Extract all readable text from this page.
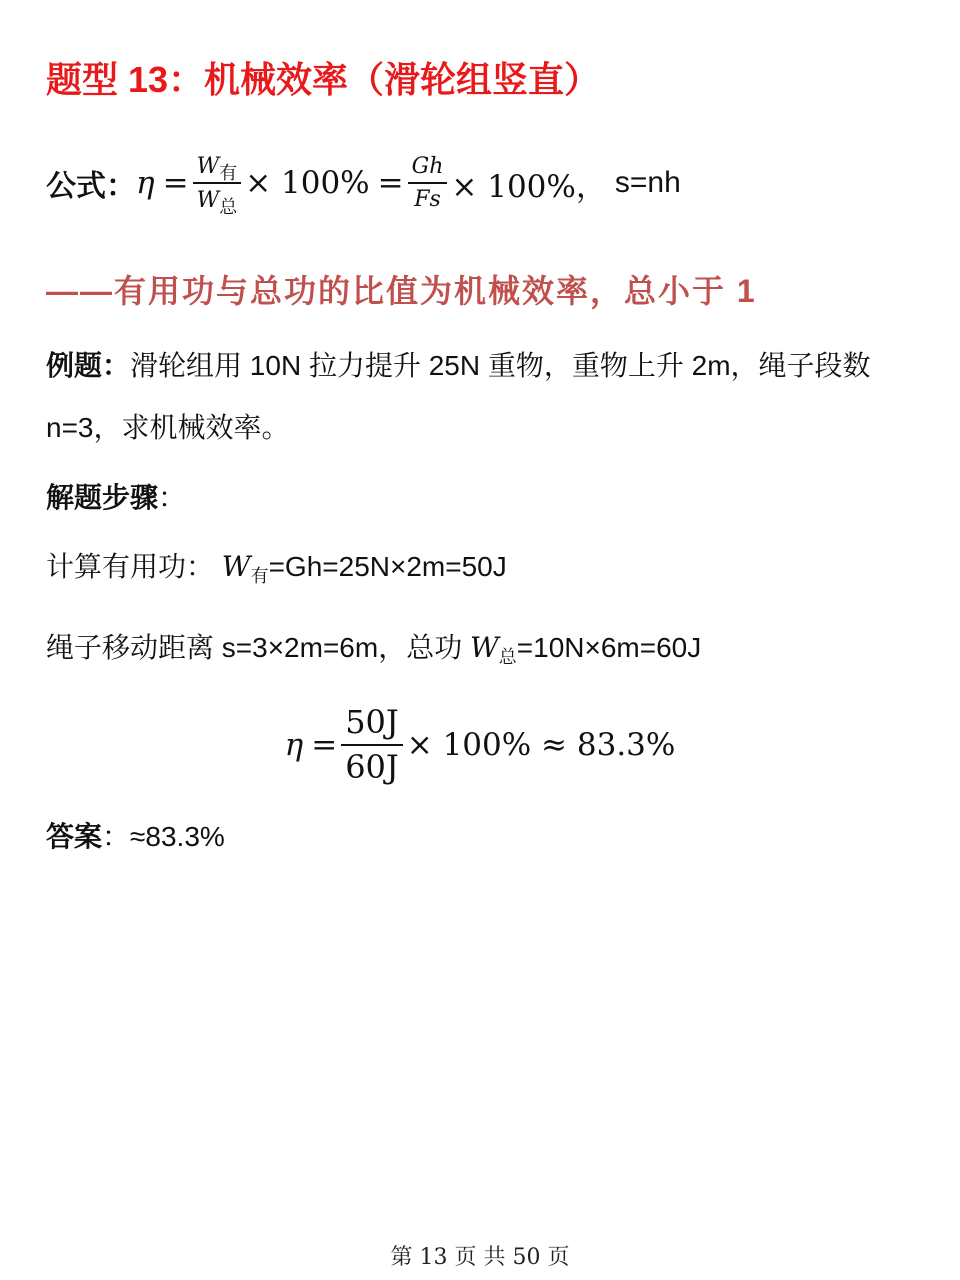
题型 13：机械效率（滑轮组竖直）
公式： $\eta = \frac{W_有}{W_总} \times 100\% = \frac{Gh}{Fs} \times 100\%$， s=nh
——有用功与总功的比值为机械效率，总小于 1
例题：滑轮组用 10N 拉力提升 25N 重物，重物上升 2m，绳子段数
n=3，求机械效率。
解题步骤：
计算有用功： $W_有=Gh=25N\times 2m=50J$
绳子移动距离 s=3×2m=6m，总功 $W_总=10N\times 6m=60J$
$\eta = \frac{50J}{60J} \times 100\% \approx 83.3\%$
答案：≈83.3%
第 13 页 共 50 页
